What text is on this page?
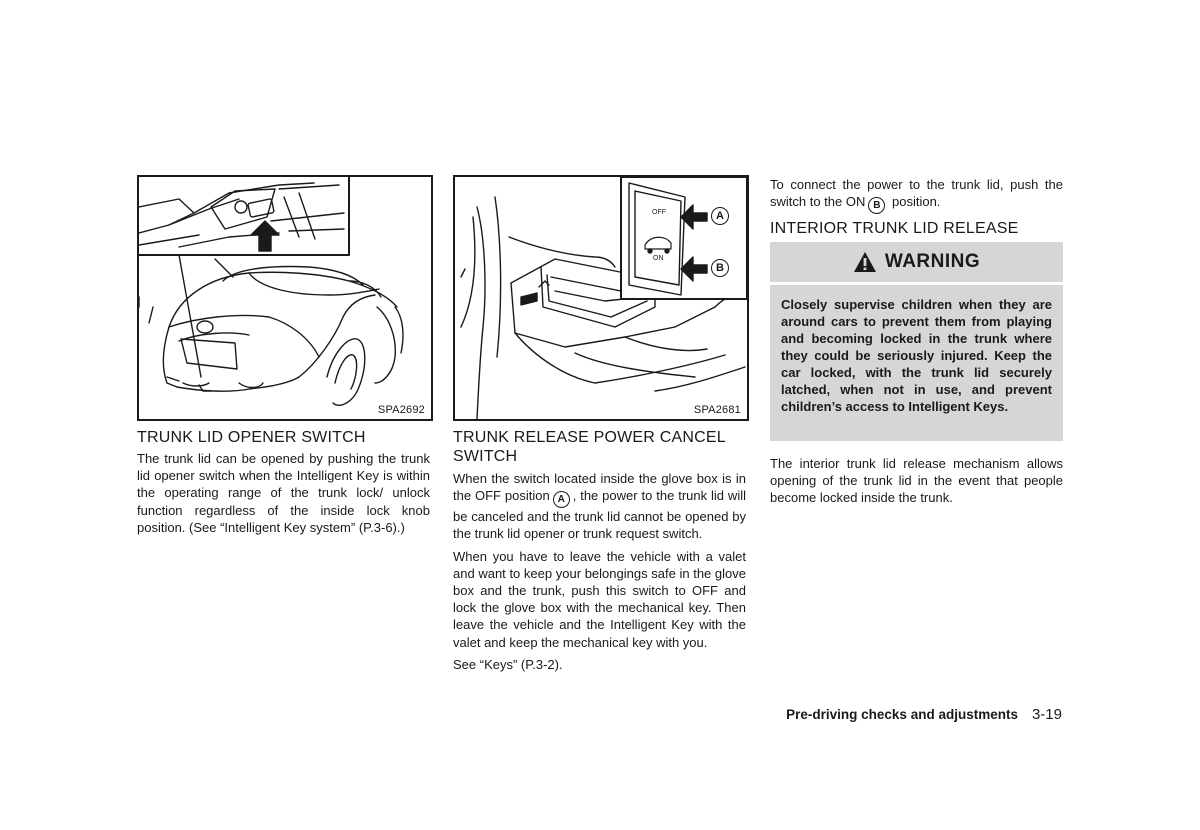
SPA2692
OFF
ON
A
B
SPA2681
TRUNK LID OPENER SWITCH

The trunk lid can be opened by pushing the trunk lid opener switch when the Intelligent Key is within the operating range of the trunk lock/ unlock function regardless of the inside lock knob position. (See “Intelligent Key system” (P.3-6).)

TRUNK RELEASE POWER CANCEL SWITCH

When the switch located inside the glove box is in the OFF position A , the power to the trunk lid will be canceled and the trunk lid cannot be opened by the trunk lid opener or trunk request switch.

When you have to leave the vehicle with a valet and want to keep your belongings safe in the glove box and the trunk, push this switch to OFF and lock the glove box with the mechanical key. Then leave the vehicle and the Intelligent Key with the valet and keep the mechanical key with you.

See “Keys” (P.3-2).

To connect the power to the trunk lid, push the switch to the ON B position.

INTERIOR TRUNK LID RELEASE
WARNING
Closely supervise children when they are around cars to prevent them from playing and becoming locked in the trunk where they could be seriously injured. Keep the car locked, with the trunk lid securely latched, when not in use, and prevent children’s access to Intelligent Keys.

The interior trunk lid release mechanism allows opening of the trunk lid in the event that people become locked inside the trunk.

Pre-driving checks and adjustments 3-19
